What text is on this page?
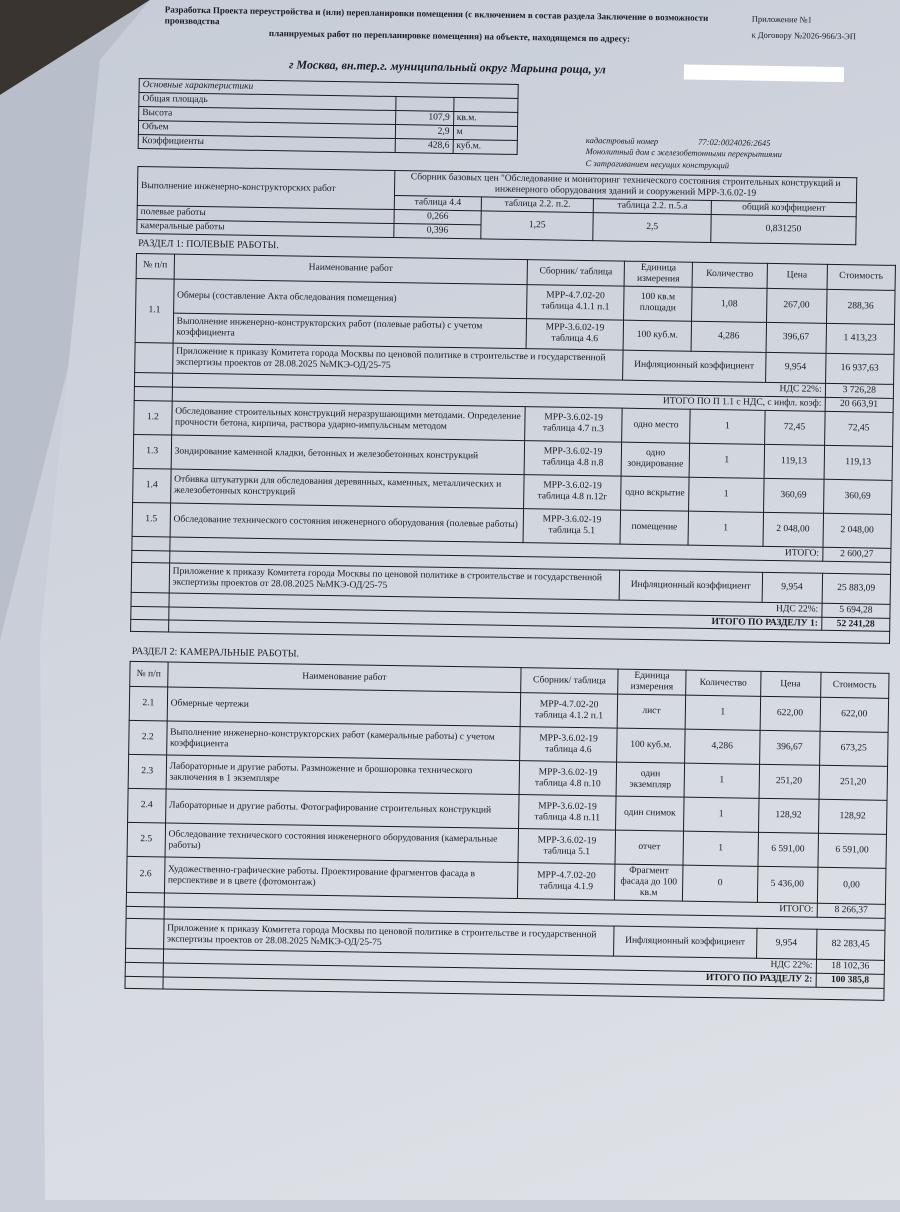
Разработка Проекта переустройства и (или) перепланировки помещения (с включением в состав раздела Заключение о возможности производства
планируемых работ по перепланировке помещения) на объекте, находящемся по адресу:
Приложение №1
к Договору №2026-966/3-ЭП
г Москва, вн.тер.г. муниципальный округ Марьина роща, ул
Основные характеристики		
Общая площадь		
Высота	107,9	кв.м.
Объем	2,9	м
Коэффициенты	428,6	куб.м.	кадастровый номер	77:02:0024026:2645
Монолитный дом с железобетонными перекрытиями
С затрагиванием несущих конструкций
Выполнение инженерно-конструкторских работ	Сборник базовых цен "Обследование и мониторинг технического состояния строительных конструкций и инженерного оборудования зданий и сооружений МРР-3.6.02-19			
	таблица 4.4	таблица 2.2. п.2.	таблица 2.2. п.5.а	общий коэффициент
полевые работы	0,266	1,25	2,5	0,831250
камеральные работы	0,396			
РАЗДЕЛ 1: ПОЛЕВЫЕ РАБОТЫ.
№ п/п	Наименование работ	Сборник/ таблица	Единица измерения	Количество	Цена	Стоимость
1.1	Обмеры (составление Акта обследования помещения)	МРР-4.7.02-20 таблица 4.1.1 п.1	100 кв.м площади	1,08	267,00	288,36
	Выполнение инженерно-конструкторских работ (полевые работы) с учетом коэффициента	МРР-3.6.02-19 таблица 4.6	100 куб.м.	4,286	396,67	1 413,23
	Приложение к приказу Комитета города Москвы по ценовой политике в строительстве и государственной экспертизы проектов от 28.08.2025 №МКЭ-ОД/25-75		Инфляционный коэффициент		9,954	16 937,63
	НДС 22%:					3 726,28
	ИТОГО ПО П 1.1 с НДС, с инфл. коэф:					20 663,91
1.2	Обследование строительных конструкций неразрушающими методами. Определение прочности бетона, кирпича, раствора ударно-импульсным методом	МРР-3.6.02-19 таблица 4.7 п.3	одно место	1	72,45	72,45
1.3	Зондирование каменной кладки, бетонных и железобетонных конструкций	МРР-3.6.02-19 таблица 4.8 п.8	одно зондирование	1	119,13	119,13
1.4	Отбивка штукатурки для обследования деревянных, каменных, металлических и железобетонных конструкций	МРР-3.6.02-19 таблица 4.8 п.12г	одно вскрытие	1	360,69	360,69
1.5	Обследование технического состояния инженерного оборудования (полевые работы)	МРР-3.6.02-19 таблица 5.1	помещение	1	2 048,00	2 048,00
	ИТОГО:					2 600,27

	Приложение к приказу Комитета города Москвы по ценовой политике в строительстве и государственной экспертизы проектов от 28.08.2025 №МКЭ-ОД/25-75		Инфляционный коэффициент		9,954	25 883,09
	НДС 22%:					5 694,28
	ИТОГО ПО РАЗДЕЛУ 1:					52 241,28

РАЗДЕЛ 2: КАМЕРАЛЬНЫЕ РАБОТЫ.
№ п/п	Наименование работ	Сборник/ таблица	Единица измерения	Количество	Цена	Стоимость
2.1	Обмерные чертежи	МРР-4.7.02-20 таблица 4.1.2 п.1	лист	1	622,00	622,00
2.2	Выполнение инженерно-конструкторских работ (камеральные работы) с учетом коэффициента	МРР-3.6.02-19 таблица 4.6	100 куб.м.	4,286	396,67	673,25
2.3	Лабораторные и другие работы. Размножение и брошюровка технического заключения в 1 экземпляре	МРР-3.6.02-19 таблица 4.8 п.10	один экземпляр	1	251,20	251,20
2.4	Лабораторные и другие работы. Фотографирование строительных конструкций	МРР-3.6.02-19 таблица 4.8 п.11	один снимок	1	128,92	128,92
2.5	Обследование технического состояния инженерного оборудования (камеральные работы)	МРР-3.6.02-19 таблица 5.1	отчет	1	6 591,00	6 591,00
2.6	Художественно-графические работы. Проектирование фрагментов фасада в перспективе и в цвете (фотомонтаж)	МРР-4.7.02-20 таблица 4.1.9	Фрагмент фасада до 100 кв.м	0	5 436,00	0,00
	ИТОГО:					8 266,37

	Приложение к приказу Комитета города Москвы по ценовой политике в строительстве и государственной экспертизы проектов от 28.08.2025 №МКЭ-ОД/25-75		Инфляционный коэффициент		9,954	82 283,45
	НДС 22%:					18 102,36
	ИТОГО ПО РАЗДЕЛУ 2:					100 385,8
